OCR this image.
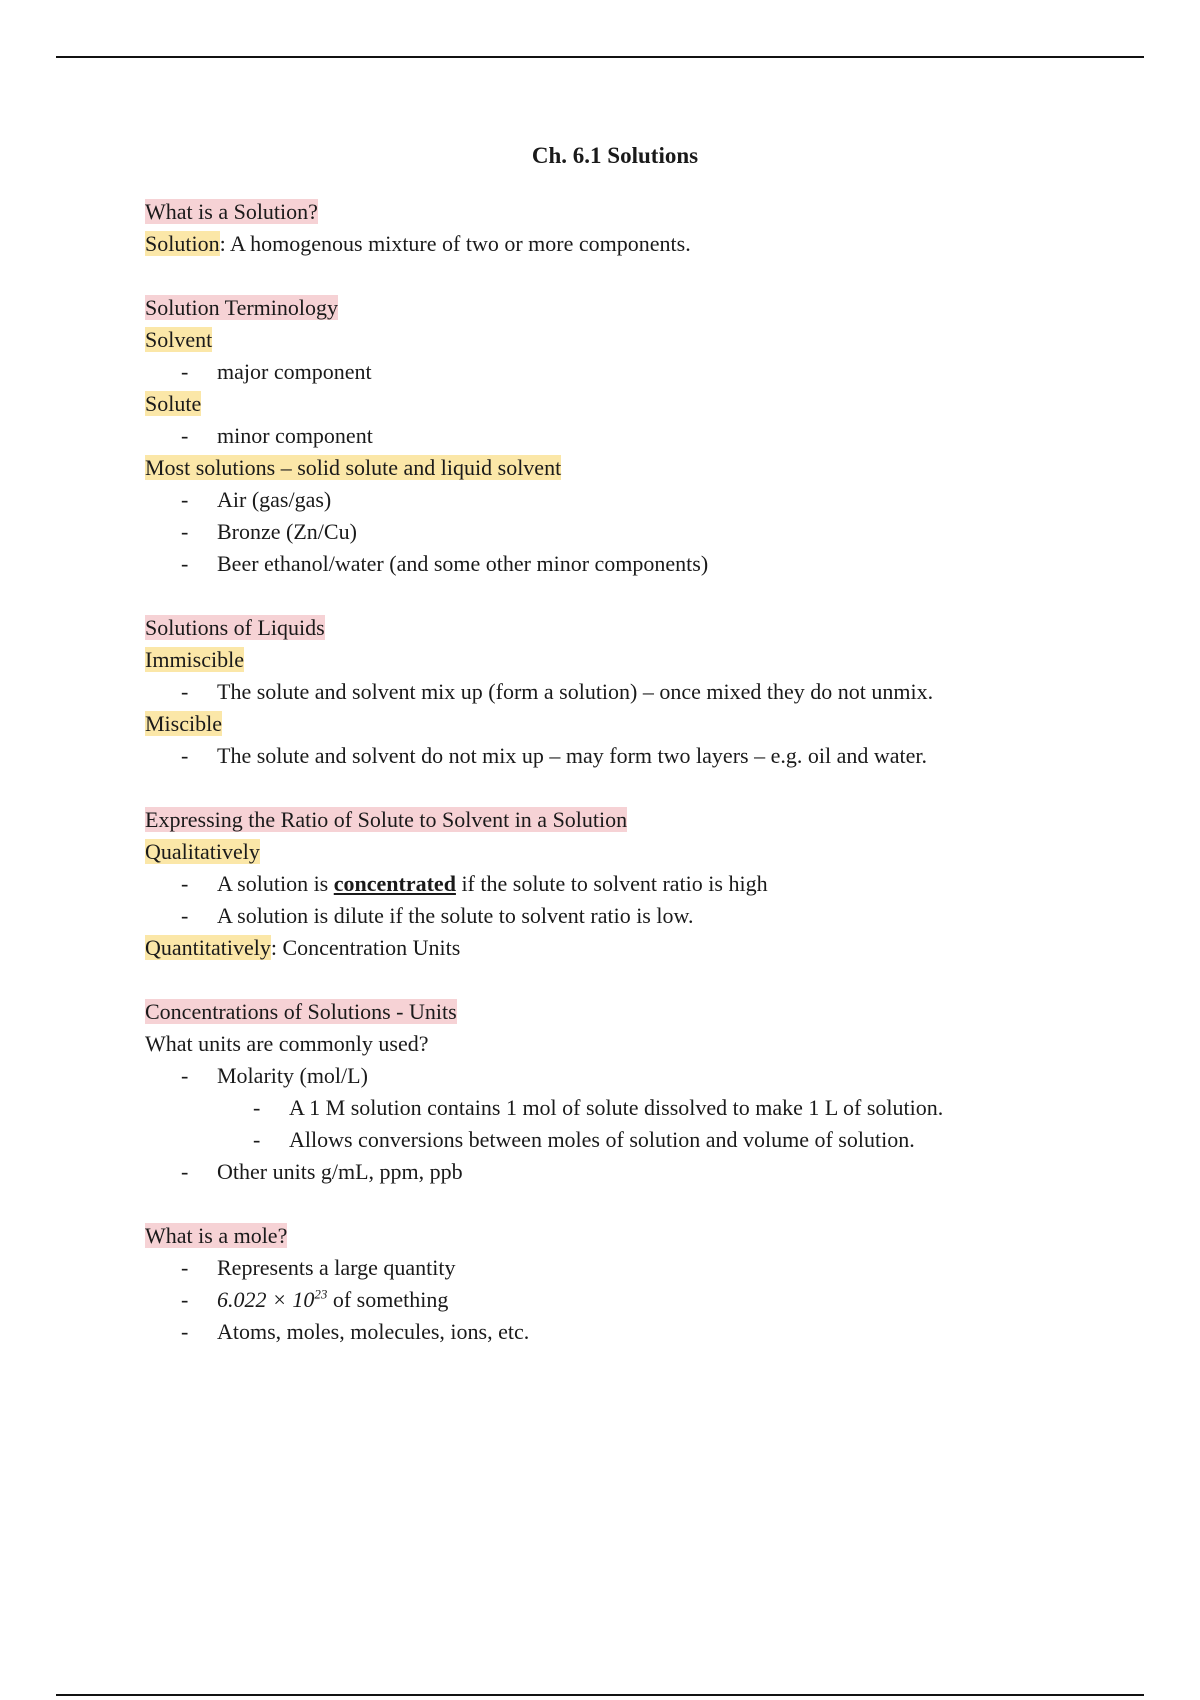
Ch. 6.1 Solutions
What is a Solution?
Solution: A homogenous mixture of two or more components.
Solution Terminology
Solvent
- major component
Solute
- minor component
Most solutions – solid solute and liquid solvent
- Air (gas/gas)
- Bronze (Zn/Cu)
- Beer ethanol/water (and some other minor components)
Solutions of Liquids
Immiscible
- The solute and solvent mix up (form a solution) – once mixed they do not unmix.
Miscible
- The solute and solvent do not mix up – may form two layers – e.g. oil and water.
Expressing the Ratio of Solute to Solvent in a Solution
Qualitatively
- A solution is concentrated if the solute to solvent ratio is high
- A solution is dilute if the solute to solvent ratio is low.
Quantitatively: Concentration Units
Concentrations of Solutions - Units
What units are commonly used?
- Molarity (mol/L)
- A 1 M solution contains 1 mol of solute dissolved to make 1 L of solution.
- Allows conversions between moles of solution and volume of solution.
- Other units g/mL, ppm, ppb
What is a mole?
- Represents a large quantity
- $6.022 \times 10^{23}$ of something
- Atoms, moles, molecules, ions, etc.
